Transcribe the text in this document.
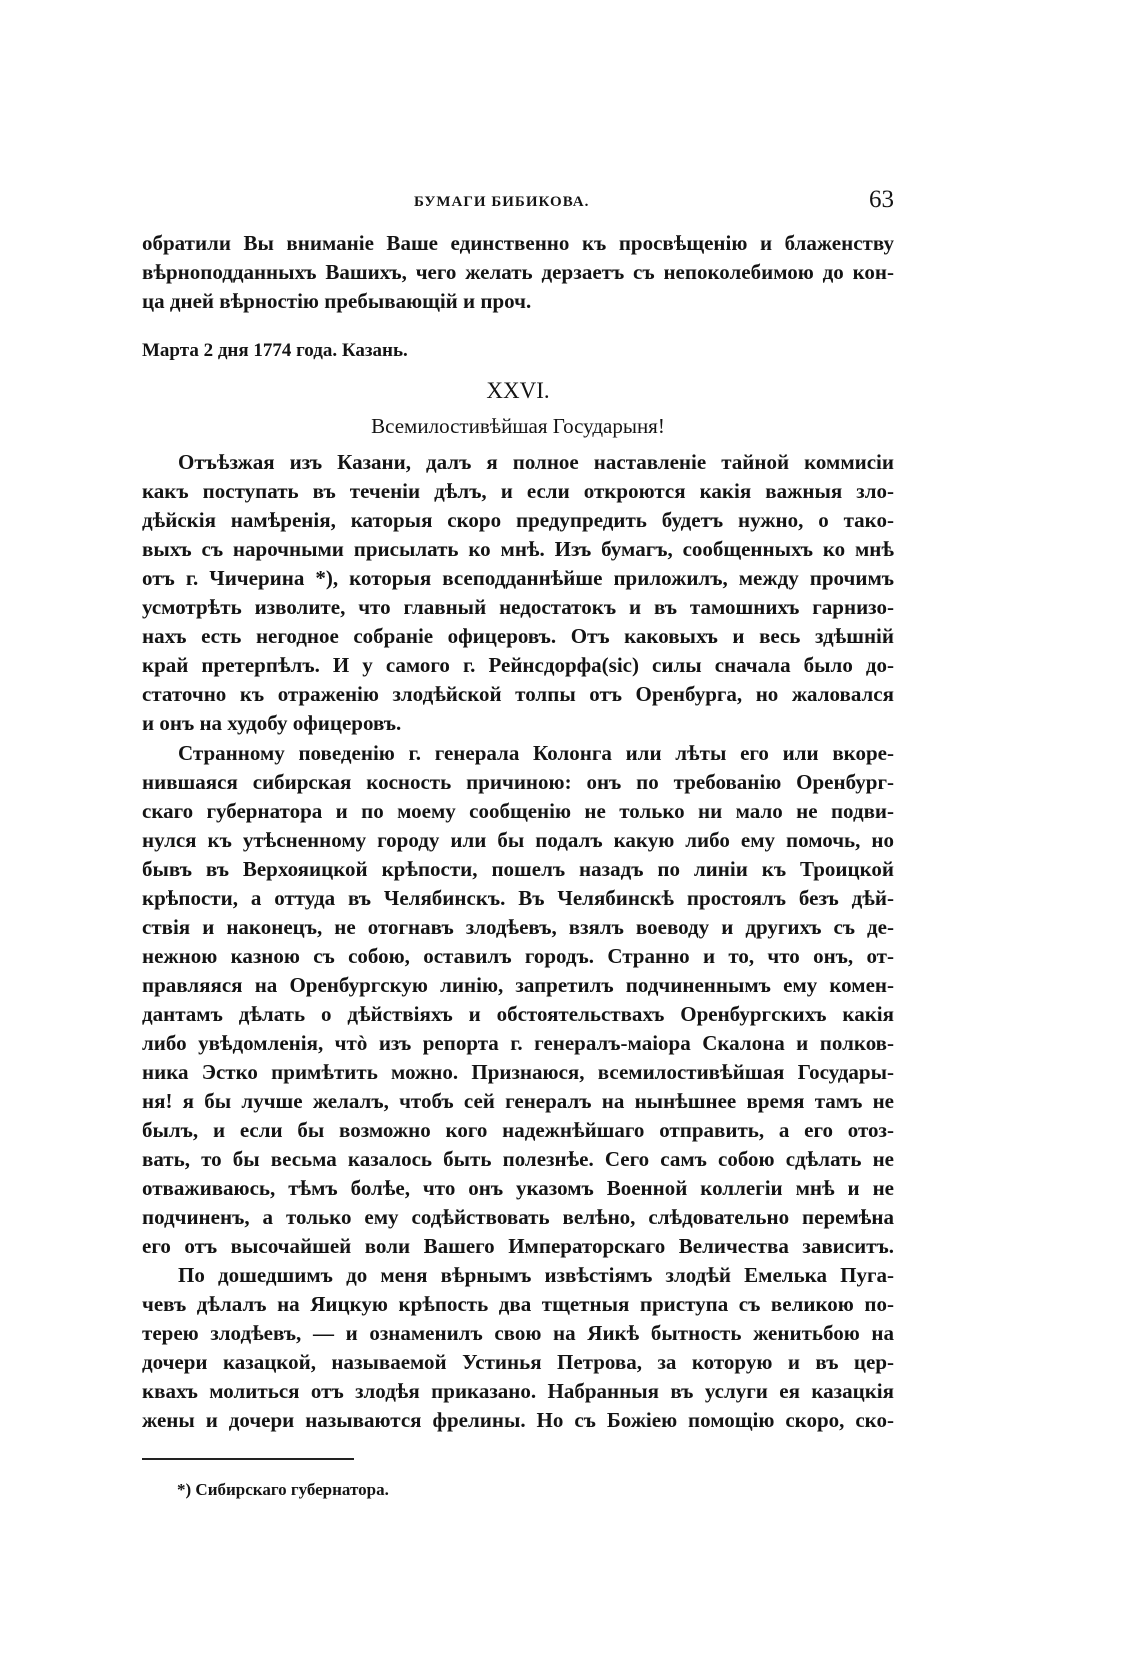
БУМАГИ БИБИКОВА.	63
обратили Вы вниманіе Ваше единственно къ просвѣщенію и блаженству
вѣрноподданныхъ Вашихъ, чего желать дерзаетъ съ непоколебимою до кон-
ца дней вѣрностію пребывающій и проч.
Марта 2 дня 1774 года. Казань.
XXVI.
Всемилостивѣйшая Государыня!
Отъѣзжая изъ Казани, далъ я полное наставленіе тайной коммисіи
какъ поступать въ теченіи дѣлъ, и если откроются какія важныя зло-
дѣйскія намѣренія, каторыя скоро предупредить будетъ нужно, о тако-
выхъ съ нарочными присылать ко мнѣ. Изъ бумагъ, сообщенныхъ ко мнѣ
отъ г. Чичерина *), которыя всеподданнѣйше приложилъ, между прочимъ
усмотрѣть изволите, что главный недостатокъ и въ тамошнихъ гарнизо-
нахъ есть негодное собраніе офицеровъ. Отъ каковыхъ и весь здѣшній
край претерпѣлъ. И у самого г. Рейнсдорфа(sic) силы сначала было до-
статочно къ отраженію злодѣйской толпы отъ Оренбурга, но жаловался
и онъ на худобу офицеровъ.
Странному поведенію г. генерала Колонга или лѣты его или вкоре-
нившаяся сибирская косность причиною: онъ по требованію Оренбург-
скаго губернатора и по моему сообщенію не только ни мало не подви-
нулся къ утѣсненному городу или бы подалъ какую либо ему помочь, но
бывъ въ Верхояицкой крѣпости, пошелъ назадъ по линіи къ Троицкой
крѣпости, а оттуда въ Челябинскъ. Въ Челябинскѣ простоялъ безъ дѣй-
ствія и наконецъ, не отогнавъ злодѣевъ, взялъ воеводу и другихъ съ де-
нежною казною съ собою, оставилъ городъ. Странно и то, что онъ, от-
правляяся на Оренбургскую линію, запретилъ подчиненнымъ ему комен-
дантамъ дѣлать о дѣйствіяхъ и обстоятельствахъ Оренбургскихъ какія
либо увѣдомленія, чтò изъ репорта г. генералъ-маіора Скалона и полков-
ника Эстко примѣтить можно. Признаюся, всемилостивѣйшая Государы-
ня! я бы лучше желалъ, чтобъ сей генералъ на нынѣшнее время тамъ не
былъ, и если бы возможно кого надежнѣйшаго отправить, а его отоз-
вать, то бы весьма казалось быть полезнѣе. Сего самъ собою сдѣлать не
отваживаюсь, тѣмъ болѣе, что онъ указомъ Военной коллегіи мнѣ и не
подчиненъ, а только ему содѣйствовать велѣно, слѣдовательно перемѣна
его отъ высочайшей воли Вашего Императорскаго Величества зависитъ.
По дошедшимъ до меня вѣрнымъ извѣстіямъ злодѣй Емелька Пуга-
чевъ дѣлалъ на Яицкую крѣпость два тщетныя приступа съ великою по-
терею злодѣевъ, — и ознаменилъ свою на Яикѣ бытность женитьбою на
дочери казацкой, называемой Устинья Петрова, за которую и въ цер-
квахъ молиться отъ злодѣя приказано. Набранныя въ услуги ея казацкія
жены и дочери называются фрелины. Но съ Божіею помощію скоро, ско-
*) Сибирскаго губернатора.
